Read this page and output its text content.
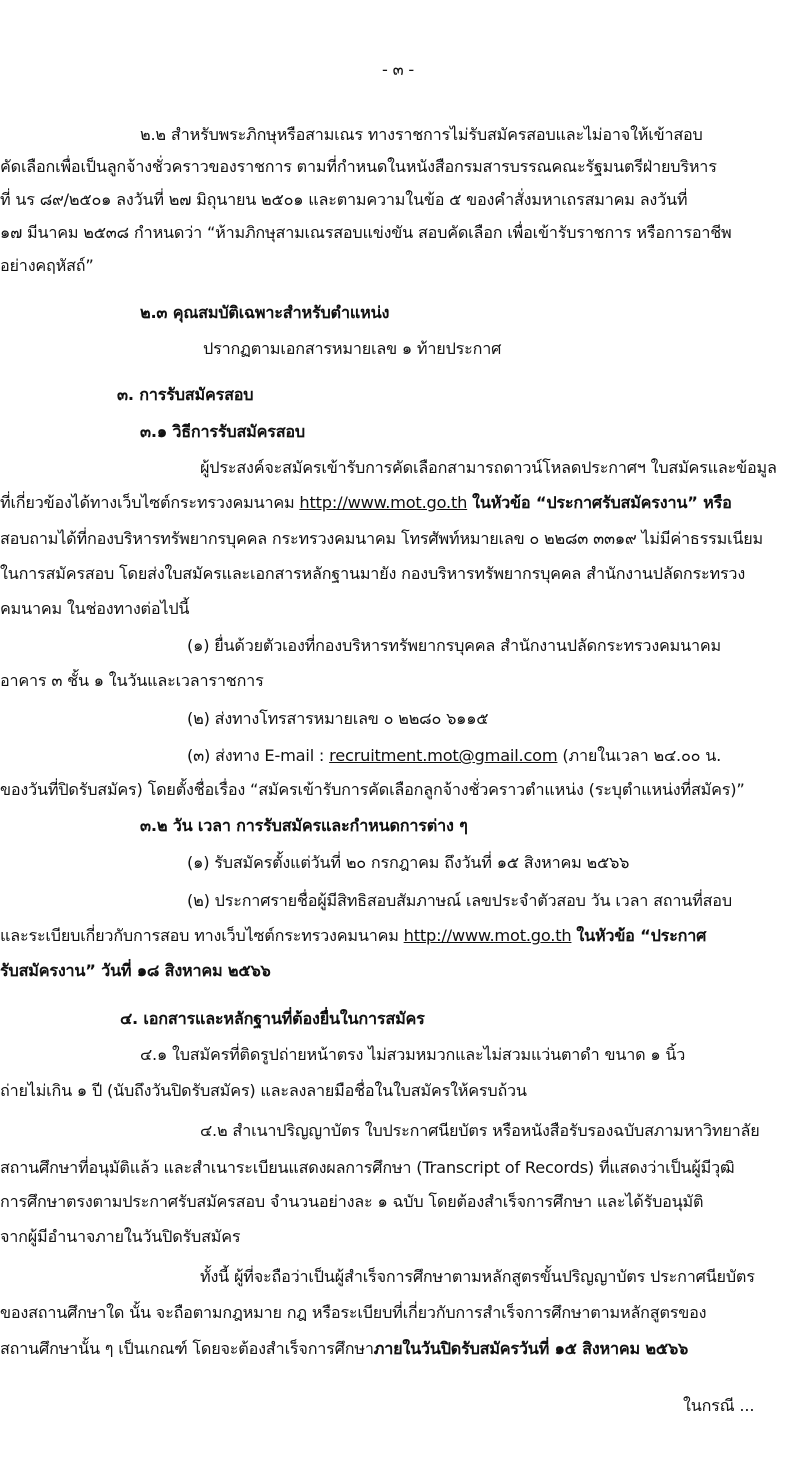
- ๓ -
๒.๒ สำหรับพระภิกษุหรือสามเณร ทางราชการไม่รับสมัครสอบและไม่อาจให้เข้าสอบ
คัดเลือกเพื่อเป็นลูกจ้างชั่วคราวของราชการ ตามที่กำหนดในหนังสือกรมสารบรรณคณะรัฐมนตรีฝ่ายบริหาร
ที่ นร ๘๙/๒๕๐๑ ลงวันที่ ๒๗ มิถุนายน ๒๕๐๑ และตามความในข้อ ๕ ของคำสั่งมหาเถรสมาคม ลงวันที่
๑๗ มีนาคม ๒๕๓๘ กำหนดว่า “ห้ามภิกษุสามเณรสอบแข่งขัน สอบคัดเลือก เพื่อเข้ารับราชการ หรือการอาชีพ
อย่างคฤหัสถ์”
๒.๓ คุณสมบัติเฉพาะสำหรับตำแหน่ง
ปรากฏตามเอกสารหมายเลข ๑ ท้ายประกาศ
๓. การรับสมัครสอบ
๓.๑ วิธีการรับสมัครสอบ
ผู้ประสงค์จะสมัครเข้ารับการคัดเลือกสามารถดาวน์โหลดประกาศฯ ใบสมัครและข้อมูล
ที่เกี่ยวข้องได้ทางเว็บไซต์กระทรวงคมนาคม http://www.mot.go.th ในหัวข้อ “ประกาศรับสมัครงาน” หรือ
สอบถามได้ที่กองบริหารทรัพยากรบุคคล กระทรวงคมนาคม โทรศัพท์หมายเลข ๐ ๒๒๘๓ ๓๓๑๙ ไม่มีค่าธรรมเนียม
ในการสมัครสอบ โดยส่งใบสมัครและเอกสารหลักฐานมายัง กองบริหารทรัพยากรบุคคล สำนักงานปลัดกระทรวง
คมนาคม ในช่องทางต่อไปนี้
(๑) ยื่นด้วยตัวเองที่กองบริหารทรัพยากรบุคคล สำนักงานปลัดกระทรวงคมนาคม
อาคาร ๓ ชั้น ๑ ในวันและเวลาราชการ
(๒) ส่งทางโทรสารหมายเลข ๐ ๒๒๘๐ ๖๑๑๕
(๓) ส่งทาง E-mail : recruitment.mot@gmail.com (ภายในเวลา ๒๔.๐๐ น.
ของวันที่ปิดรับสมัคร) โดยตั้งชื่อเรื่อง “สมัครเข้ารับการคัดเลือกลูกจ้างชั่วคราวตำแหน่ง (ระบุตำแหน่งที่สมัคร)”
๓.๒ วัน เวลา การรับสมัครและกำหนดการต่าง ๆ
(๑) รับสมัครตั้งแต่วันที่ ๒๐ กรกฎาคม ถึงวันที่ ๑๕ สิงหาคม ๒๕๖๖
(๒) ประกาศรายชื่อผู้มีสิทธิสอบสัมภาษณ์ เลขประจำตัวสอบ วัน เวลา สถานที่สอบ
และระเบียบเกี่ยวกับการสอบ ทางเว็บไซต์กระทรวงคมนาคม http://www.mot.go.th ในหัวข้อ “ประกาศ
รับสมัครงาน” วันที่ ๑๘ สิงหาคม ๒๕๖๖
๔. เอกสารและหลักฐานที่ต้องยื่นในการสมัคร
๔.๑ ใบสมัครที่ติดรูปถ่ายหน้าตรง ไม่สวมหมวกและไม่สวมแว่นตาดำ ขนาด ๑ นิ้ว
ถ่ายไม่เกิน ๑ ปี (นับถึงวันปิดรับสมัคร) และลงลายมือชื่อในใบสมัครให้ครบถ้วน
๔.๒ สำเนาปริญญาบัตร ใบประกาศนียบัตร หรือหนังสือรับรองฉบับสภามหาวิทยาลัย
สถานศึกษาที่อนุมัติแล้ว และสำเนาระเบียนแสดงผลการศึกษา (Transcript of Records) ที่แสดงว่าเป็นผู้มีวุฒิ
การศึกษาตรงตามประกาศรับสมัครสอบ จำนวนอย่างละ ๑ ฉบับ โดยต้องสำเร็จการศึกษา และได้รับอนุมัติ
จากผู้มีอำนาจภายในวันปิดรับสมัคร
ทั้งนี้ ผู้ที่จะถือว่าเป็นผู้สำเร็จการศึกษาตามหลักสูตรขั้นปริญญาบัตร ประกาศนียบัตร
ของสถานศึกษาใด นั้น จะถือตามกฎหมาย กฎ หรือระเบียบที่เกี่ยวกับการสำเร็จการศึกษาตามหลักสูตรของ
สถานศึกษานั้น ๆ เป็นเกณฑ์ โดยจะต้องสำเร็จการศึกษาภายในวันปิดรับสมัครวันที่ ๑๕ สิงหาคม ๒๕๖๖
ในกรณี ...
